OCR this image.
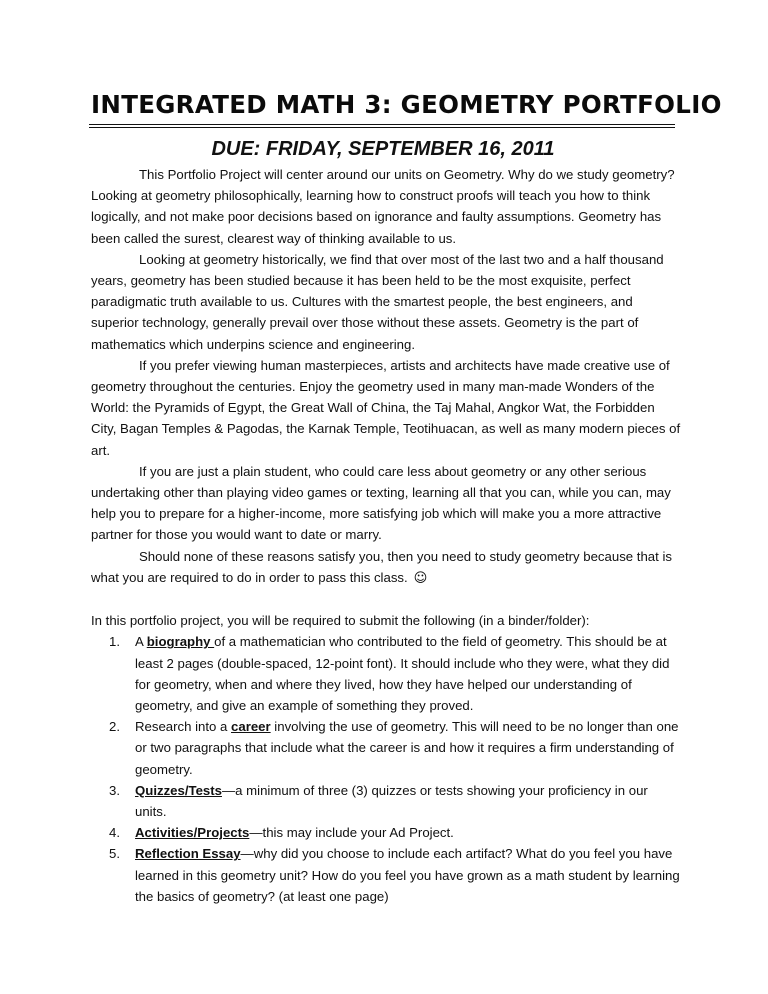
INTEGRATED MATH 3: GEOMETRY PORTFOLIO
DUE: FRIDAY, SEPTEMBER 16, 2011

This Portfolio Project will center around our units on Geometry. Why do we study geometry? Looking at geometry philosophically, learning how to construct proofs will teach you how to think logically, and not make poor decisions based on ignorance and faulty assumptions. Geometry has been called the surest, clearest way of thinking available to us.

Looking at geometry historically, we find that over most of the last two and a half thousand years, geometry has been studied because it has been held to be the most exquisite, perfect paradigmatic truth available to us. Cultures with the smartest people, the best engineers, and superior technology, generally prevail over those without these assets. Geometry is the part of mathematics which underpins science and engineering.

If you prefer viewing human masterpieces, artists and architects have made creative use of geometry throughout the centuries. Enjoy the geometry used in many man-made Wonders of the World: the Pyramids of Egypt, the Great Wall of China, the Taj Mahal, Angkor Wat, the Forbidden City, Bagan Temples & Pagodas, the Karnak Temple, Teotihuacan, as well as many modern pieces of art.

If you are just a plain student, who could care less about geometry or any other serious undertaking other than playing video games or texting, learning all that you can, while you can, may help you to prepare for a higher-income, more satisfying job which will make you a more attractive partner for those you would want to date or marry.

Should none of these reasons satisfy you, then you need to study geometry because that is what you are required to do in order to pass this class. ☺

In this portfolio project, you will be required to submit the following (in a binder/folder):

1. A biography of a mathematician who contributed to the field of geometry. This should be at least 2 pages (double-spaced, 12-point font). It should include who they were, what they did for geometry, when and where they lived, how they have helped our understanding of geometry, and give an example of something they proved.
2. Research into a career involving the use of geometry. This will need to be no longer than one or two paragraphs that include what the career is and how it requires a firm understanding of geometry.
3. Quizzes/Tests—a minimum of three (3) quizzes or tests showing your proficiency in our units.
4. Activities/Projects—this may include your Ad Project.
5. Reflection Essay—why did you choose to include each artifact? What do you feel you have learned in this geometry unit? How do you feel you have grown as a math student by learning the basics of geometry? (at least one page)
